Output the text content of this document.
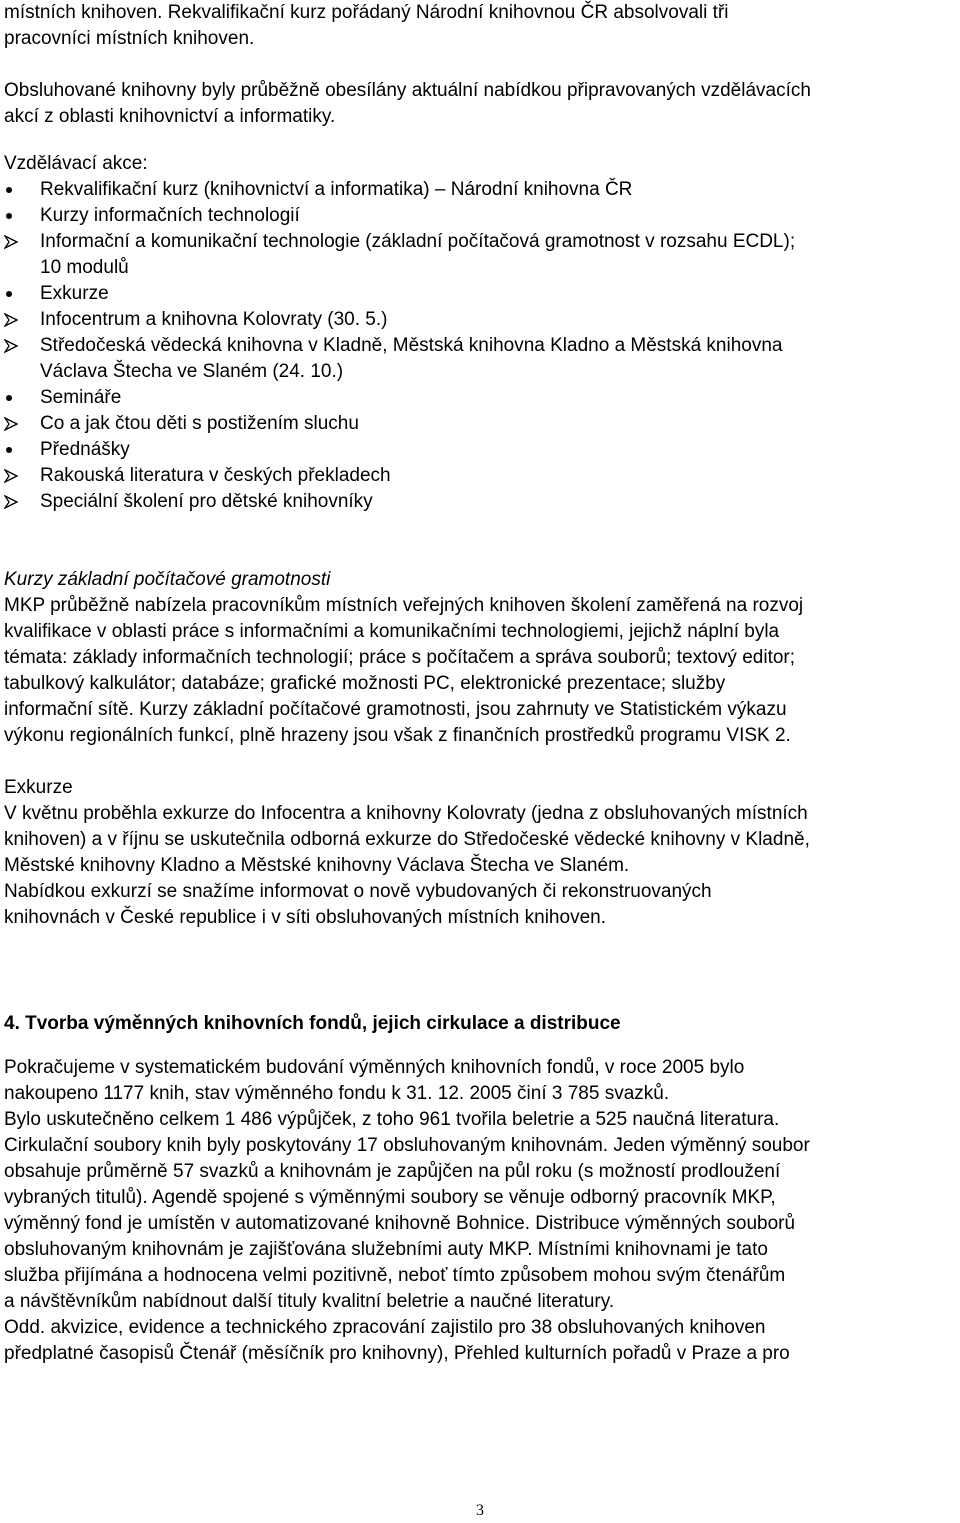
místních knihoven. Rekvalifikační kurz pořádaný Národní knihovnou ČR absolvovali tři
pracovníci místních knihoven.
Obsluhované knihovny byly průběžně obesílány aktuální nabídkou připravovaných vzdělávacích
akcí z oblasti knihovnictví a informatiky.
Vzdělávací akce:
Rekvalifikační kurz (knihovnictví a informatika) – Národní knihovna ČR
Kurzy informačních technologií
Informační a komunikační technologie (základní počítačová gramotnost v rozsahu ECDL);
10 modulů
Exkurze
Infocentrum a knihovna Kolovraty (30. 5.)
Středočeská vědecká knihovna v Kladně, Městská knihovna Kladno a Městská knihovna
Václava Štecha ve Slaném (24. 10.)
Semináře
Co a jak čtou děti s postižením sluchu
Přednášky
Rakouská literatura v českých překladech
Speciální školení pro dětské knihovníky
Kurzy základní počítačové gramotnosti
MKP průběžně nabízela pracovníkům místních veřejných knihoven školení zaměřená na rozvoj
kvalifikace v oblasti práce s informačními a komunikačními technologiemi, jejichž náplní byla
témata: základy informačních technologií; práce s počítačem a správa souborů; textový editor;
tabulkový kalkulátor; databáze; grafické možnosti PC, elektronické prezentace; služby
informační sítě. Kurzy základní počítačové gramotnosti, jsou zahrnuty ve Statistickém výkazu
výkonu regionálních funkcí, plně hrazeny jsou však z finančních prostředků programu VISK 2.
Exkurze
V květnu proběhla exkurze do Infocentra a knihovny Kolovraty (jedna z obsluhovaných místních
knihoven) a v říjnu se uskutečnila odborná exkurze do Středočeské vědecké knihovny v Kladně,
Městské knihovny Kladno a Městské knihovny Václava Štecha ve Slaném.
Nabídkou exkurzí se snažíme informovat o nově vybudovaných či rekonstruovaných
knihovnách v České republice i v síti obsluhovaných místních knihoven.
4. Tvorba výměnných knihovních fondů, jejich cirkulace a distribuce
Pokračujeme v systematickém budování výměnných knihovních fondů, v roce 2005 bylo
nakoupeno 1177 knih, stav výměnného fondu k 31. 12. 2005 činí 3 785 svazků.
Bylo uskutečněno celkem 1 486 výpůjček, z toho 961 tvořila beletrie a 525 naučná literatura.
Cirkulační soubory knih byly poskytovány 17 obsluhovaným knihovnám. Jeden výměnný soubor
obsahuje průměrně 57 svazků a knihovnám je zapůjčen na půl roku (s možností prodloužení
vybraných titulů). Agendě spojené s výměnnými soubory se věnuje odborný pracovník MKP,
výměnný fond je umístěn v automatizované knihovně Bohnice. Distribuce výměnných souborů
obsluhovaným knihovnám je zajišťována služebními auty MKP. Místními knihovnami je tato
služba přijímána a hodnocena velmi pozitivně, neboť tímto způsobem mohou svým čtenářům
a návštěvníkům nabídnout další tituly kvalitní beletrie a naučné literatury.
Odd. akvizice, evidence a technického zpracování zajistilo pro 38 obsluhovaných knihoven
předplatné časopisů Čtenář (měsíčník pro knihovny), Přehled kulturních pořadů v Praze a pro
3
